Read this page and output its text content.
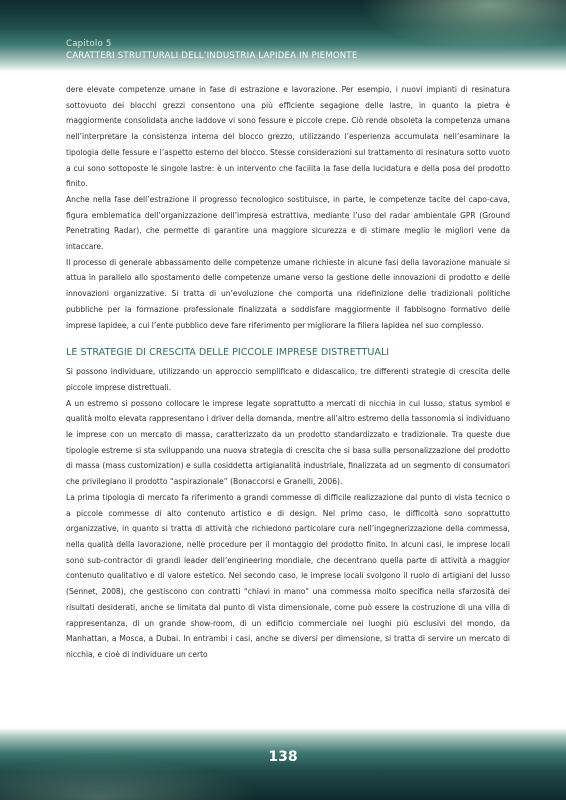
Capitolo 5
CARATTERI STRUTTURALI DELL’INDUSTRIA LAPIDEA IN PIEMONTE

dere elevate competenze umane in fase di estrazione e lavorazione. Per esempio, i nuovi impianti di resinatura sottovuoto dei blocchi grezzi consentono una più efficiente segagione delle lastre, in quanto la pietra è maggiormente consolidata anche laddove vi sono fessure e piccole crepe. Ciò rende obsoleta la competenza umana nell’interpretare la consistenza interna del blocco grezzo, utilizzando l’esperienza accumulata nell’esaminare la tipologia delle fessure e l’aspetto esterno del blocco. Stesse considerazioni sul trattamento di resinatura sotto vuoto a cui sono sottoposte le singole lastre: è un intervento che facilita la fase della lucidatura e della posa del prodotto finito.

Anche nella fase dell’estrazione il progresso tecnologico sostituisce, in parte, le competenze tacite del capo-cava, figura emblematica dell’organizzazione dell’impresa estrattiva, mediante l’uso del radar ambientale GPR (Ground Penetrating Radar), che permette di garantire una maggiore sicurezza e di stimare meglio le migliori vene da intaccare.

Il processo di generale abbassamento delle competenze umane richieste in alcune fasi della lavorazione manuale si attua in parallelo allo spostamento delle competenze umane verso la gestione delle innovazioni di prodotto e delle innovazioni organizzative. Si tratta di un’evoluzione che comporta una ridefinizione delle tradizionali politiche pubbliche per la formazione professionale finalizzata a soddisfare maggiormente il fabbisogno formativo delle imprese lapidee, a cui l’ente pubblico deve fare riferimento per migliorare la filiera lapidea nel suo complesso.

LE STRATEGIE DI CRESCITA DELLE PICCOLE IMPRESE DISTRETTUALI

Si possono individuare, utilizzando un approccio semplificato e didascalico, tre differenti strategie di crescita delle piccole imprese distrettuali.

A un estremo si possono collocare le imprese legate soprattutto a mercati di nicchia in cui lusso, status symbol e qualità molto elevata rappresentano i driver della domanda, mentre all’altro estremo della tassonomia si individuano le imprese con un mercato di massa, caratterizzato da un prodotto standardizzato e tradizionale. Tra queste due tipologie estreme si sta sviluppando una nuova strategia di crescita che si basa sulla personalizzazione del prodotto di massa (mass customization) e sulla cosiddetta artigianalità industriale, finalizzata ad un segmento di consumatori che privilegiano il prodotto “aspirazionale” (Bonaccorsi e Granelli, 2006).

La prima tipologia di mercato fa riferimento a grandi commesse di difficile realizzazione dal punto di vista tecnico o a piccole commesse di alto contenuto artistico e di design. Nel primo caso, le difficoltà sono soprattutto organizzative, in quanto si tratta di attività che richiedono particolare cura nell’ingegnerizzazione della commessa, nella qualità della lavorazione, nelle procedure per il montaggio del prodotto finito. In alcuni casi, le imprese locali sono sub-contractor di grandi leader dell’engineering mondiale, che decentrano quella parte di attività a maggior contenuto qualitativo e di valore estetico. Nel secondo caso, le imprese locali svolgono il ruolo di artigiani del lusso (Sennet, 2008), che gestiscono con contratti “chiavi in mano” una commessa molto specifica nella sfarzosità dei risultati desiderati, anche se limitata dal punto di vista dimensionale, come può essere la costruzione di una villa di rappresentanza, di un grande show-room, di un edificio commerciale nei luoghi più esclusivi del mondo, da Manhattan, a Mosca, a Dubai. In entrambi i casi, anche se diversi per dimensione, si tratta di servire un mercato di nicchia, e cioè di individuare un certo

138
